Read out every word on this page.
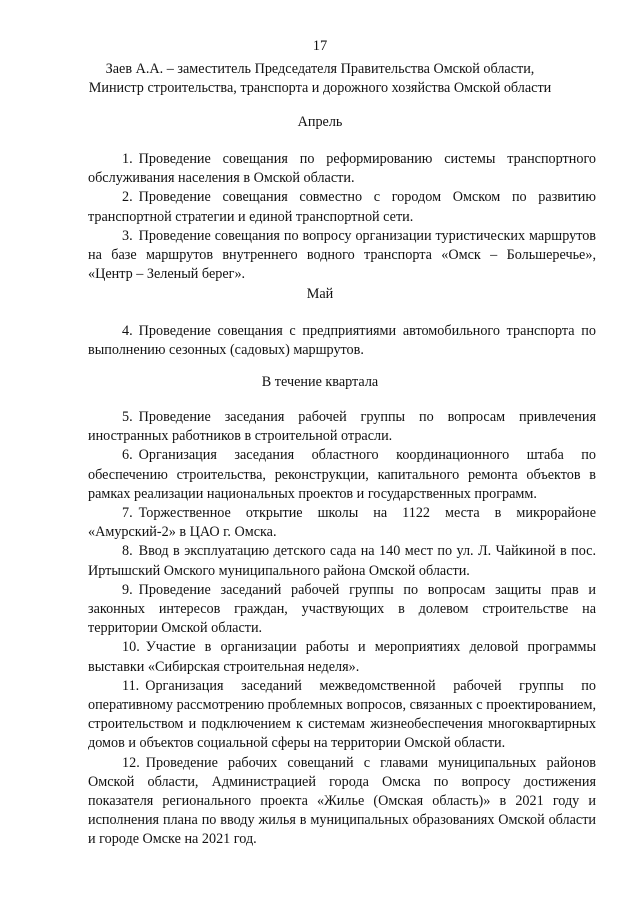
17
Заев А.А. – заместитель Председателя Правительства Омской области,
Министр строительства, транспорта и дорожного хозяйства Омской области
Апрель

1. Проведение совещания по реформированию системы транспортного обслуживания населения в Омской области.

2. Проведение совещания совместно с городом Омском по развитию транспортной стратегии и единой транспортной сети.

3. Проведение совещания по вопросу организации туристических маршрутов на базе маршрутов внутреннего водного транспорта «Омск – Большеречье», «Центр – Зеленый берег».

Май

4. Проведение совещания с предприятиями автомобильного транспорта по выполнению сезонных (садовых) маршрутов.

В течение квартала

5. Проведение заседания рабочей группы по вопросам привлечения иностранных работников в строительной отрасли.

6. Организация заседания областного координационного штаба по обеспечению строительства, реконструкции, капитального ремонта объектов в рамках реализации национальных проектов и государственных программ.

7. Торжественное открытие школы на 1122 места в микрорайоне «Амурский-2» в ЦАО г. Омска.

8. Ввод в эксплуатацию детского сада на 140 мест по ул. Л. Чайкиной в пос. Иртышский Омского муниципального района Омской области.

9. Проведение заседаний рабочей группы по вопросам защиты прав и законных интересов граждан, участвующих в долевом строительстве на территории Омской области.

10. Участие в организации работы и мероприятиях деловой программы выставки «Сибирская строительная неделя».

11. Организация заседаний межведомственной рабочей группы по оперативному рассмотрению проблемных вопросов, связанных с проектированием, строительством и подключением к системам жизнеобеспечения многоквартирных домов и объектов социальной сферы на территории Омской области.

12. Проведение рабочих совещаний с главами муниципальных районов Омской области, Администрацией города Омска по вопросу достижения показателя регионального проекта «Жилье (Омская область)» в 2021 году и исполнения плана по вводу жилья в муниципальных образованиях Омской области и городе Омске на 2021 год.
